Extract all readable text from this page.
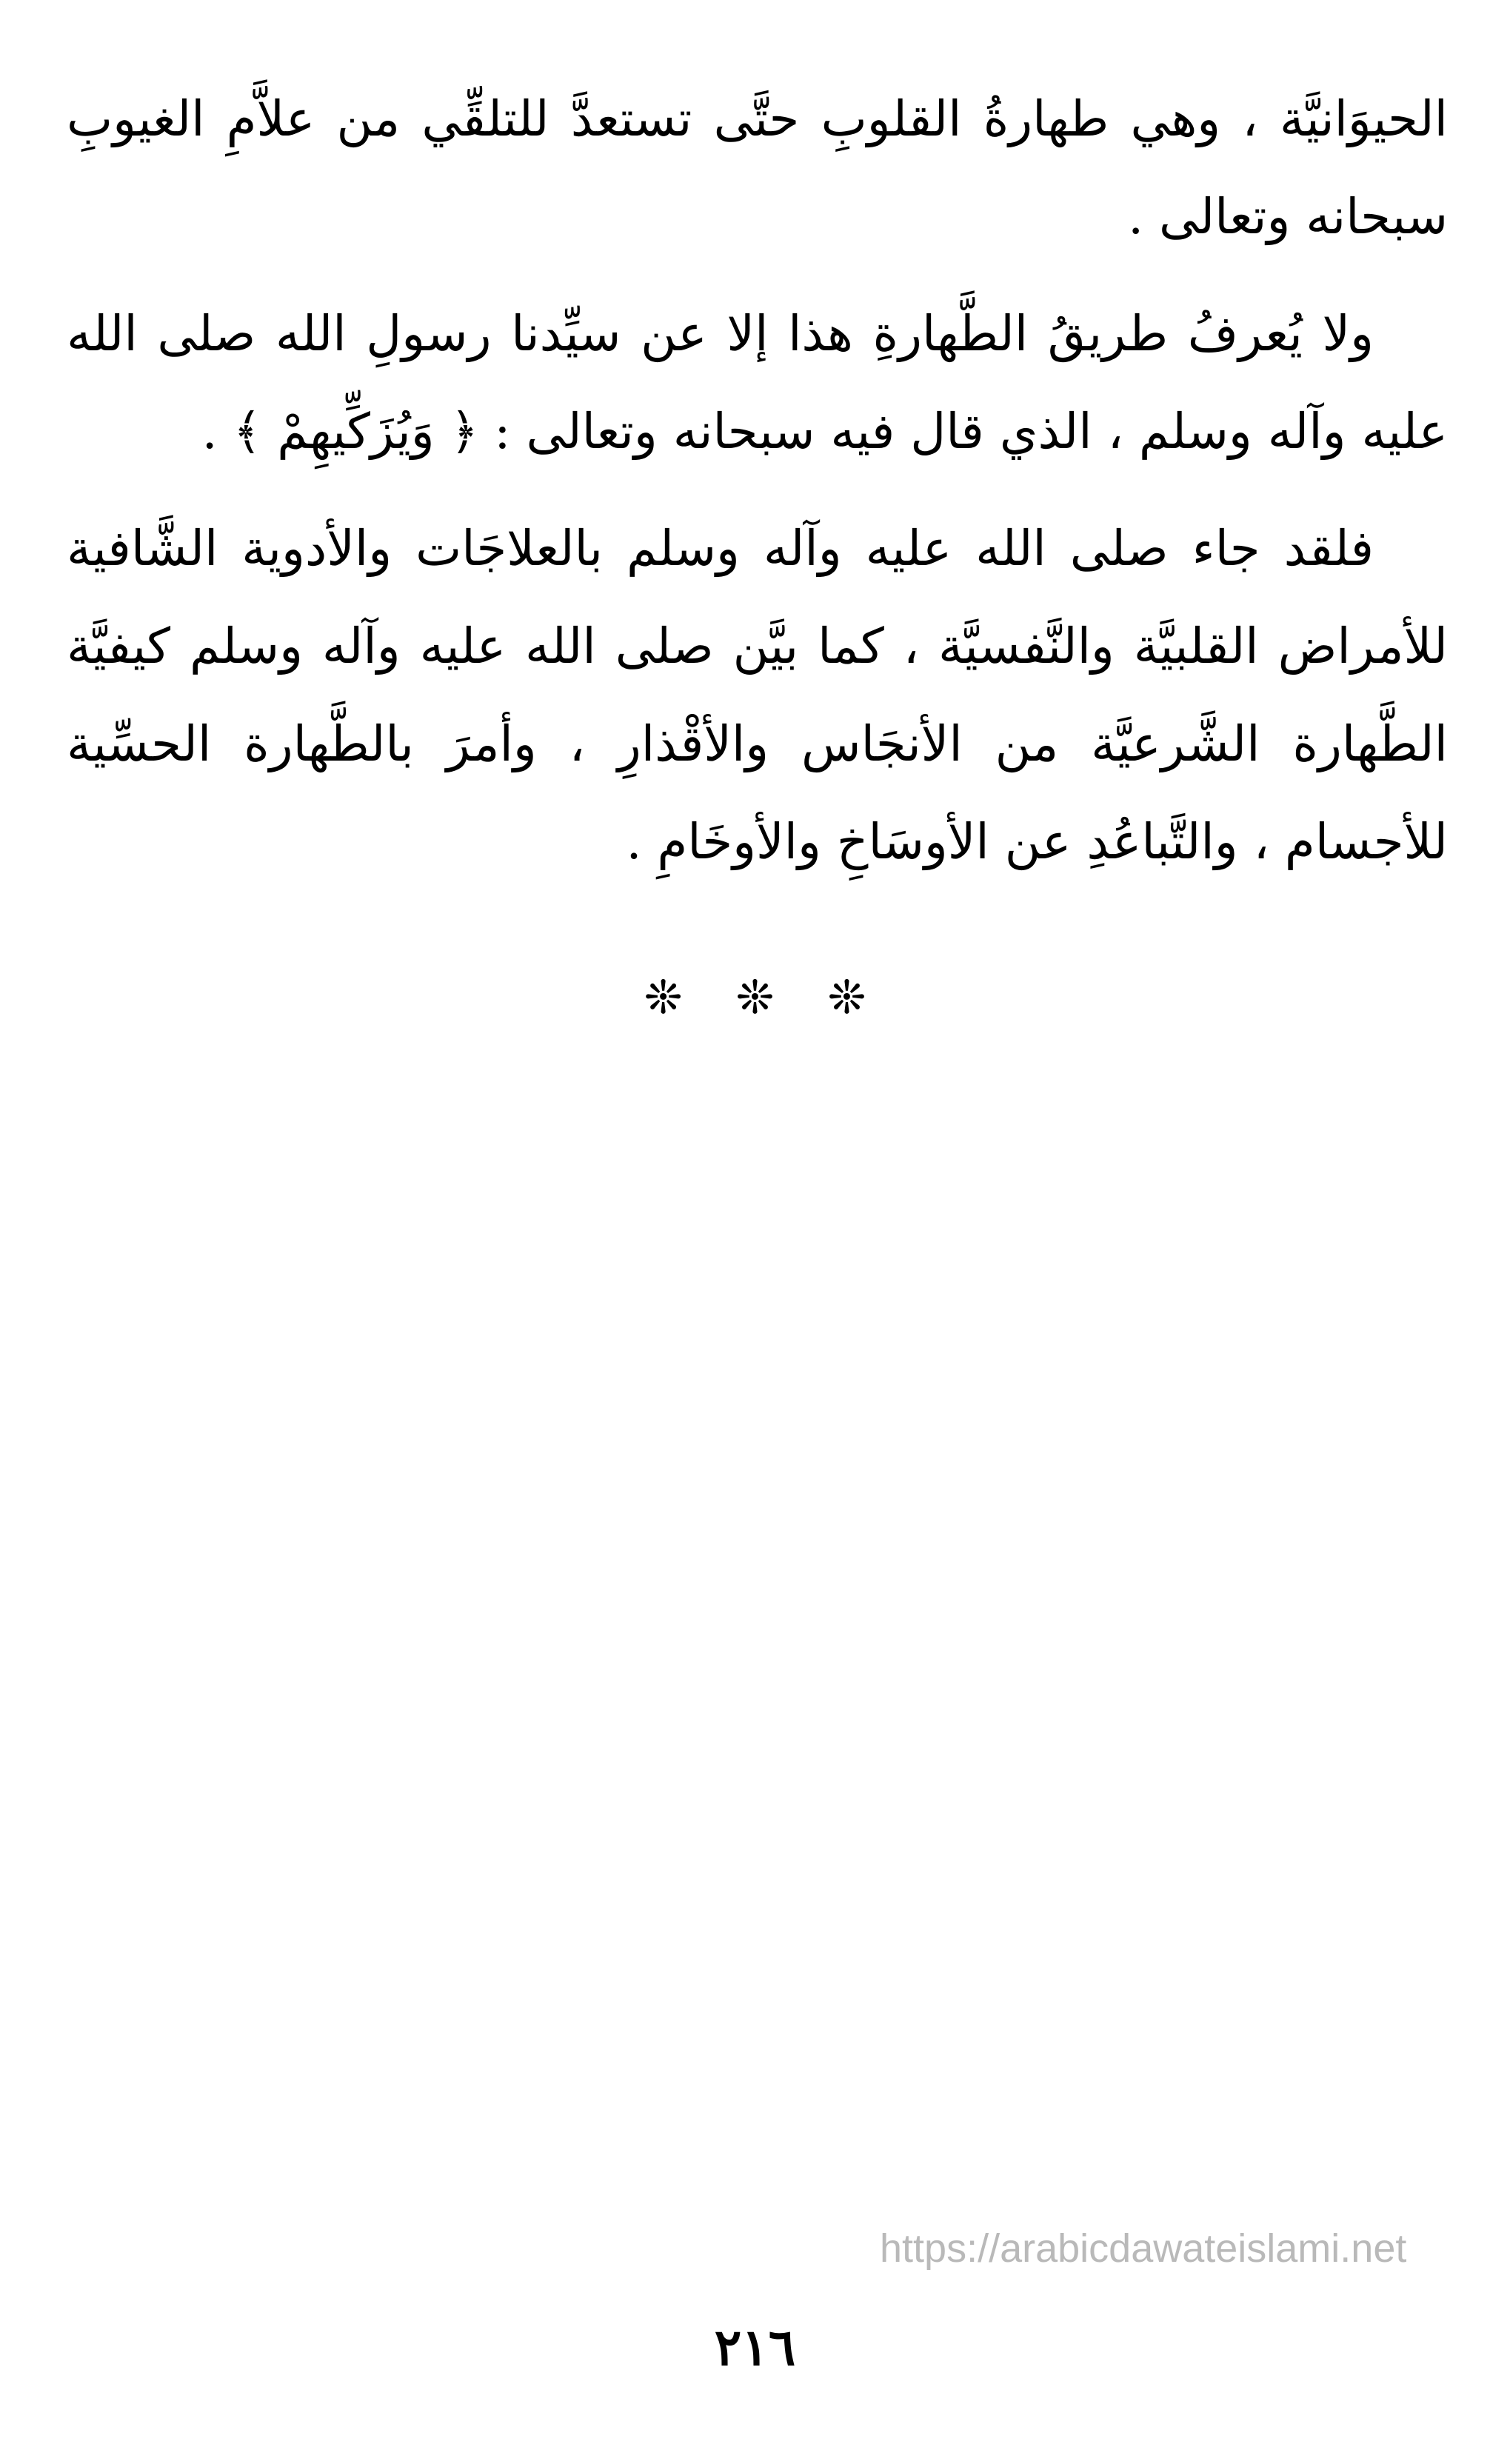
الحيوَانيَّة ، وهي طهارةُ القلوبِ حتَّى تستعدَّ للتلقِّي من علاَّمِ الغيوبِ سبحانه وتعالى .

ولا يُعرفُ طريقُ الطَّهارةِ هذا إلا عن سيِّدنا رسولِ الله صلى الله عليه وآله وسلم ، الذي قال فيه سبحانه وتعالى : ﴿ وَيُزَكِّيهِمْ ﴾ .

فلقد جاء صلى الله عليه وآله وسلم بالعلاجَات والأدوية الشَّافية للأمراض القلبيَّة والنَّفسيَّة ، كما بيَّن صلى الله عليه وآله وسلم كيفيَّة الطَّهارة الشَّرعيَّة من الأنجَاس والأقْذارِ ، وأمرَ بالطَّهارة الحسِّية للأجسام ، والتَّباعُدِ عن الأوسَاخِ والأوخَامِ .

❊ ❊ ❊
https://arabicdawateislami.net
٢١٦
